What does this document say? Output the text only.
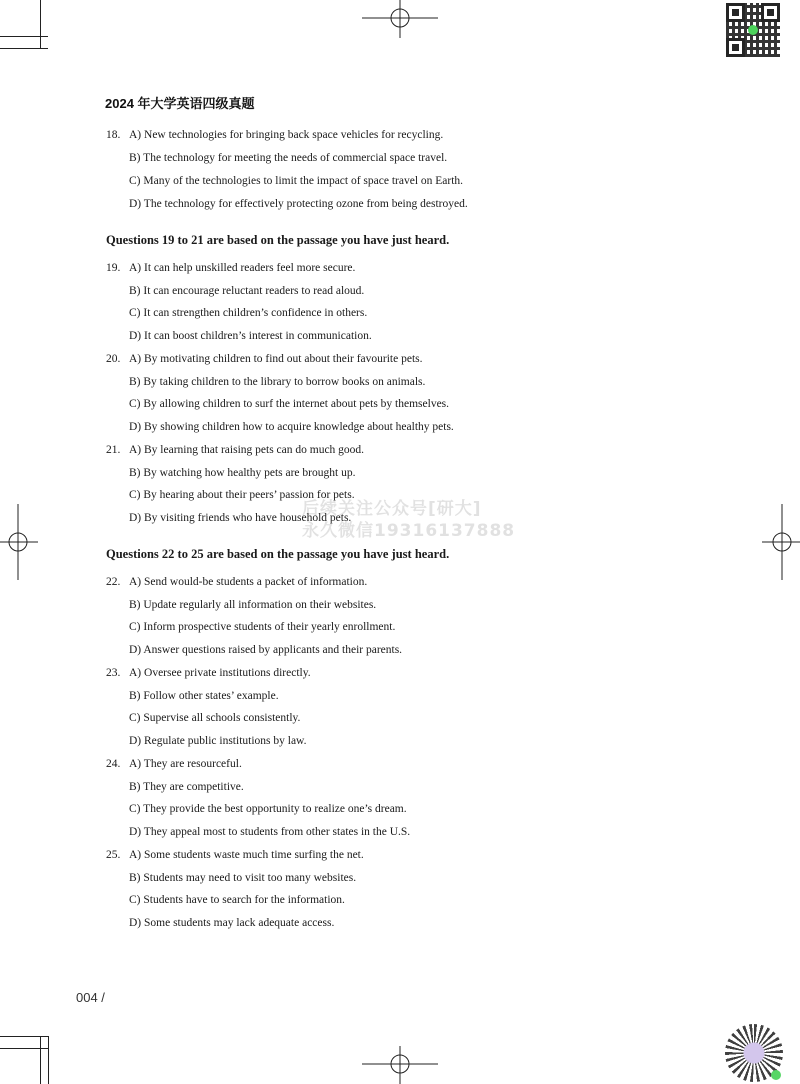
2024 年大学英语四级真题
18. A) New technologies for bringing back space vehicles for recycling.
B) The technology for meeting the needs of commercial space travel.
C) Many of the technologies to limit the impact of space travel on Earth.
D) The technology for effectively protecting ozone from being destroyed.
Questions 19 to 21 are based on the passage you have just heard.
19. A) It can help unskilled readers feel more secure.
B) It can encourage reluctant readers to read aloud.
C) It can strengthen children’s confidence in others.
D) It can boost children’s interest in communication.
20. A) By motivating children to find out about their favourite pets.
B) By taking children to the library to borrow books on animals.
C) By allowing children to surf the internet about pets by themselves.
D) By showing children how to acquire knowledge about healthy pets.
21. A) By learning that raising pets can do much good.
B) By watching how healthy pets are brought up.
C) By hearing about their peers’ passion for pets.
D) By visiting friends who have household pets.
Questions 22 to 25 are based on the passage you have just heard.
22. A) Send would-be students a packet of information.
B) Update regularly all information on their websites.
C) Inform prospective students of their yearly enrollment.
D) Answer questions raised by applicants and their parents.
23. A) Oversee private institutions directly.
B) Follow other states’ example.
C) Supervise all schools consistently.
D) Regulate public institutions by law.
24. A) They are resourceful.
B) They are competitive.
C) They provide the best opportunity to realize one’s dream.
D) They appeal most to students from other states in the U.S.
25. A) Some students waste much time surfing the net.
B) Students may need to visit too many websites.
C) Students have to search for the information.
D) Some students may lack adequate access.
后续关注公众号[研大]
永久微信19316137888
004 /
